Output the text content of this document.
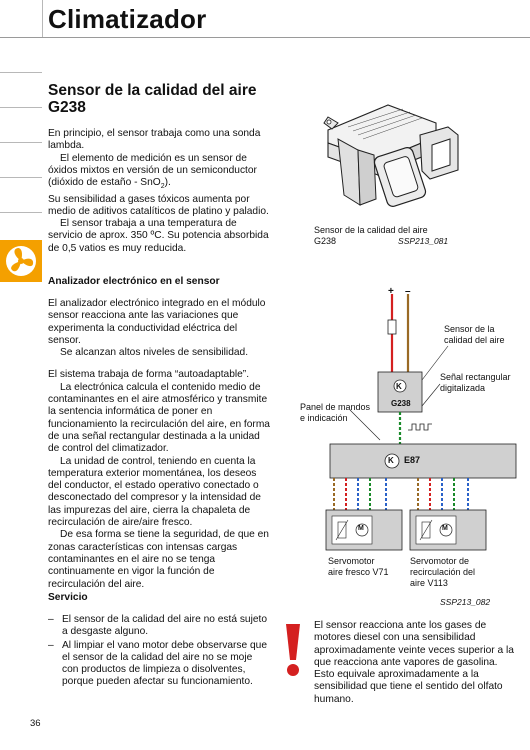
Climatizador
Sensor de la calidad del aire
G238

En principio, el sensor trabaja como una sonda lambda.

El elemento de medición es un sensor de óxidos mixtos en versión de un semiconductor (dióxido de estaño - SnO$_2$).

Su sensibilidad a gases tóxicos aumenta por medio de aditivos catalíticos de platino y paladio.

El sensor trabaja a una temperatura de servicio de aprox. 350 ºC. Su potencia absorbida de 0,5 vatios es muy reducida.

Sensor de la calidad del aire
G238	SSP213_081
Analizador electrónico en el sensor

El analizador electrónico integrado en el módulo sensor reacciona ante las variaciones que experimenta la conductividad eléctrica del sensor.

Se alcanzan altos niveles de sensibilidad.

El sistema trabaja de forma “autoadaptable”.

La electrónica calcula el contenido medio de contaminantes en el aire atmosférico y transmite la sentencia informática de poner en funcionamiento la recirculación del aire, en forma de una señal rectangular destinada a la unidad de control del climatizador.

La unidad de control, teniendo en cuenta la temperatura exterior momentánea, los deseos del conductor, el estado operativo conectado o desconectado del compresor y la intensidad de las impurezas del aire, cierra la chapaleta de recirculación de aire/aire fresco.

De esa forma se tiene la seguridad, de que en zonas características con intensas cargas contaminantes en el aire no se tenga continuamente en vigor la función de recirculación del aire.

+ –
K
G238
K E87
M	M
Sensor de la
calidad del aire
Señal rectangular
digitalizada
Panel de mandos
e indicación
Servomotor
aire fresco V71
Servomotor de
recirculación del
aire V113
SSP213_082
Servicio
– El sensor de la calidad del aire no está sujeto a desgaste alguno.
– Al limpiar el vano motor debe observarse que el sensor de la calidad del aire no se moje con productos de limpieza o disolventes, porque pueden afectar su funcionamiento.
El sensor reacciona ante los gases de motores diesel con una sensibilidad aproximadamente veinte veces superior a la que reacciona ante vapores de gasolina.
Esto equivale aproximadamente a la sensibilidad que tiene el sentido del olfato humano.
36
